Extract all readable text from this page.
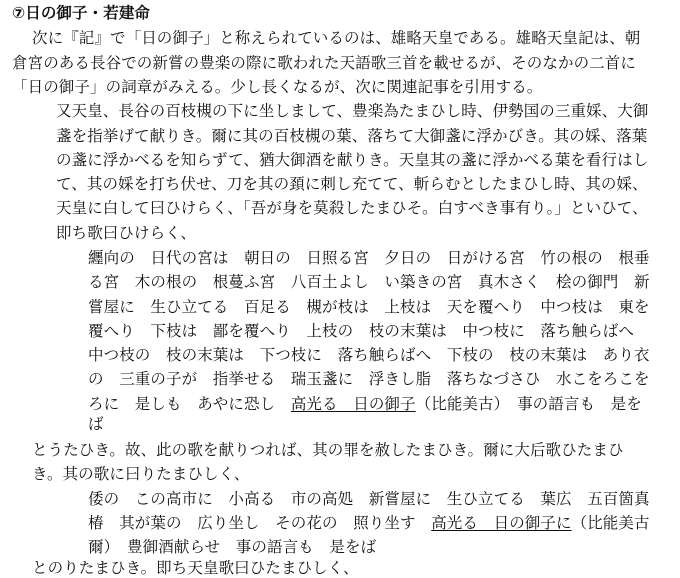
⑦日の御子・若建命
次に『記』で「日の御子」と称えられているのは、雄略天皇である。雄略天皇記は、朝
倉宮のある長谷での新嘗の豊楽の際に歌われた天語歌三首を載せるが、そのなかの二首に
「日の御子」の詞章がみえる。少し長くなるが、次に関連記事を引用する。
又天皇、長谷の百枝槻の下に坐しまして、豊楽為たまひし時、伊勢国の三重婇、大御
盞を指挙げて献りき。爾に其の百枝槻の葉、落ちて大御盞に浮かびき。其の婇、落葉
の盞に浮かべるを知らずて、猶大御酒を献りき。天皇其の盞に浮かべる葉を看行はし
て、其の婇を打ち伏せ、刀を其の頚に刺し充てて、斬らむとしたまひし時、其の婇、
天皇に白して曰ひけらく、「吾が身を莫殺したまひそ。白すべき事有り。」といひて、
即ち歌曰ひけらく、
纒向の　日代の宮は　朝日の　日照る宮　夕日の　日がける宮　竹の根の　根垂
る宮　木の根の　根蔓ふ宮　八百土よし　い築きの宮　真木さく　桧の御門　新
嘗屋に　生ひ立てる　百足る　槻が枝は　上枝は　天を覆へり　中つ枝は　東を
覆へり　下枝は　鄙を覆へり　上枝の　枝の末葉は　中つ枝に　落ち触らばへ
中つ枝の　枝の末葉は　下つ枝に　落ち触らばへ　下枝の　枝の末葉は　あり衣
の　三重の子が　指挙せる　瑞玉盞に　浮きし脂　落ちなづさひ　水こをろこを
ろに　是しも　あやに恐し　高光る　日の御子（比能美古）　事の語言も　是を
ば
とうたひき。故、此の歌を献りつれば、其の罪を赦したまひき。爾に大后歌ひたまひ
き。其の歌に曰りたまひしく、
倭の　この高市に　小高る　市の高処　新嘗屋に　生ひ立てる　葉広　五百箇真
椿　其が葉の　広り坐し　その花の　照り坐す　高光る　日の御子に（比能美古
爾）　豊御酒献らせ　事の語言も　是をば
とのりたまひき。即ち天皇歌曰ひたまひしく、
